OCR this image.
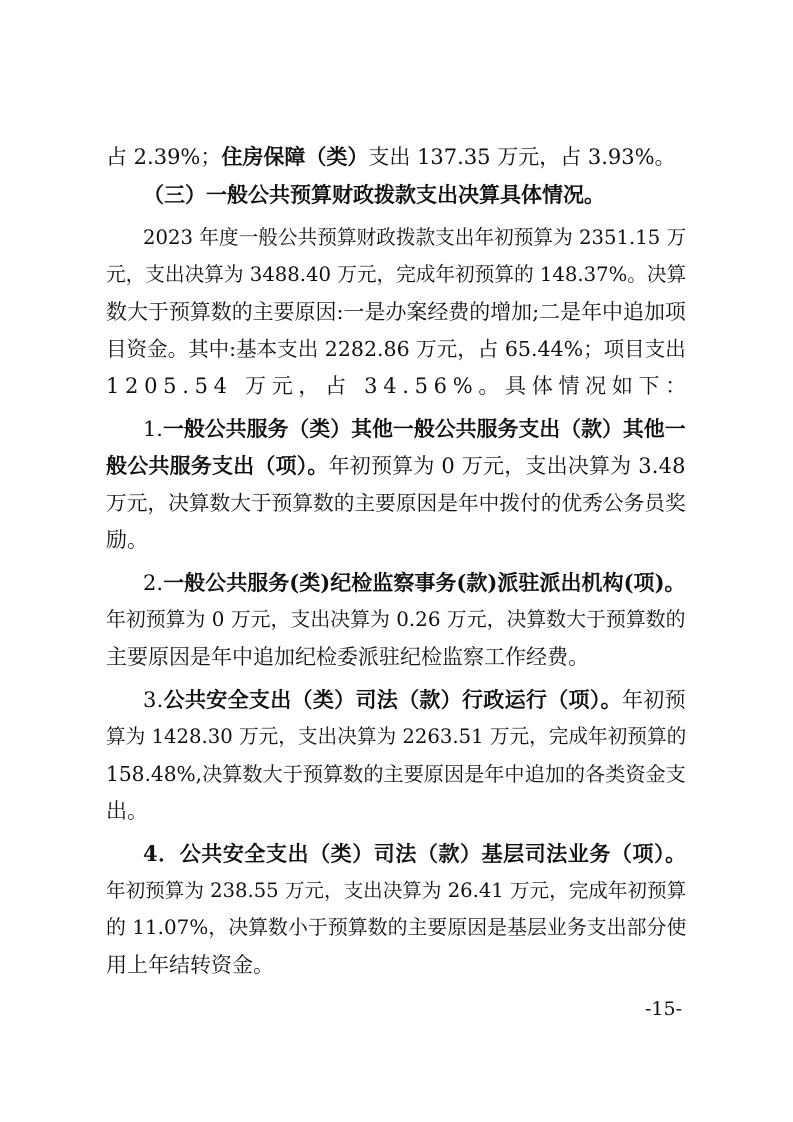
占 2.39%；住房保障（类）支出 137.35 万元，占 3.93%。
（三）一般公共预算财政拨款支出决算具体情况。
2023 年度一般公共预算财政拨款支出年初预算为 2351.15 万
元，支出决算为 3488.40 万元，完成年初预算的 148.37%。决算
数大于预算数的主要原因:一是办案经费的增加;二是年中追加项
目资金。其中:基本支出 2282.86 万元，占 65.44%；项目支出
1205.54 万元，占 34.56%。具体情况如下：
1.一般公共服务（类）其他一般公共服务支出（款）其他一
般公共服务支出（项）。年初预算为 0 万元，支出决算为 3.48
万元，决算数大于预算数的主要原因是年中拨付的优秀公务员奖
励。
2.一般公共服务(类)纪检监察事务(款)派驻派出机构(项)。
年初预算为 0 万元，支出决算为 0.26 万元，决算数大于预算数的
主要原因是年中追加纪检委派驻纪检监察工作经费。
3.公共安全支出（类）司法（款）行政运行（项）。年初预
算为 1428.30 万元，支出决算为 2263.51 万元，完成年初预算的
158.48%,决算数大于预算数的主要原因是年中追加的各类资金支
出。
4．公共安全支出（类）司法（款）基层司法业务（项）。
年初预算为 238.55 万元，支出决算为 26.41 万元，完成年初预算
的 11.07%，决算数小于预算数的主要原因是基层业务支出部分使
用上年结转资金。
-15-
